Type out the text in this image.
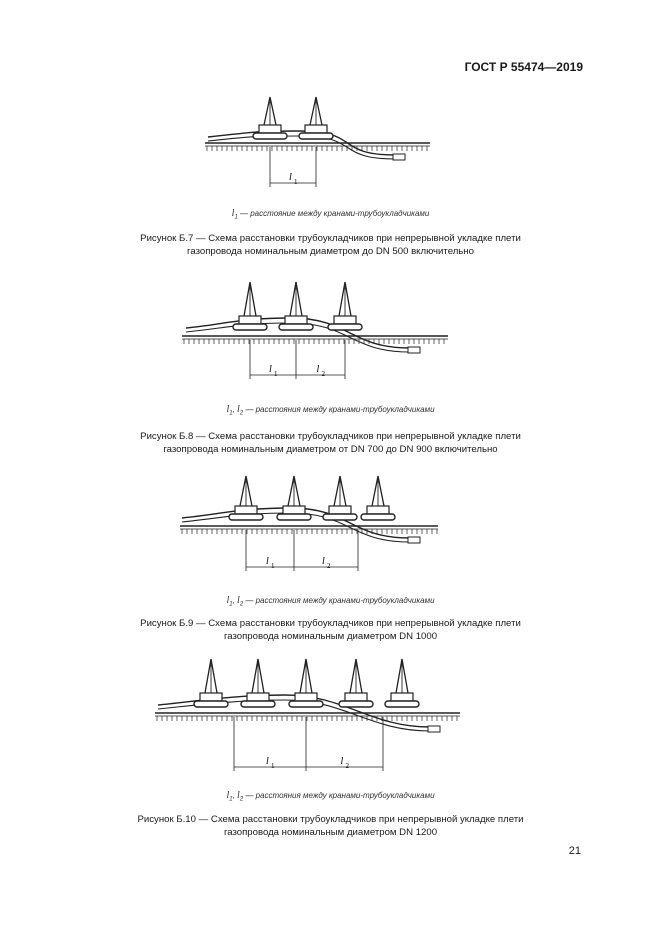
ГОСТ Р 55474—2019
l 1
$l_1$ — расстояние между кранами-трубоукладчиками
Рисунок Б.7 — Схема расстановки трубоукладчиков при непрерывной укладке плети
газопровода номинальным диаметром до DN 500 включительно
l 1	l 2
$l_1$, $l_2$ — расстояния между кранами-трубоукладчиками
Рисунок Б.8 — Схема расстановки трубоукладчиков при непрерывной укладке плети
газопровода номинальным диаметром от DN 700 до DN 900 включительно
l 1	l 2
$l_1$, $l_2$ — расстояния между кранами-трубоукладчиками
Рисунок Б.9 — Схема расстановки трубоукладчиков при непрерывной укладке плети
газопровода номинальным диаметром DN 1000
l 1	l 2
$l_1$, $l_2$ — расстояния между кранами-трубоукладчиками
Рисунок Б.10 — Схема расстановки трубоукладчиков при непрерывной укладке плети
газопровода номинальным диаметром DN 1200
21
